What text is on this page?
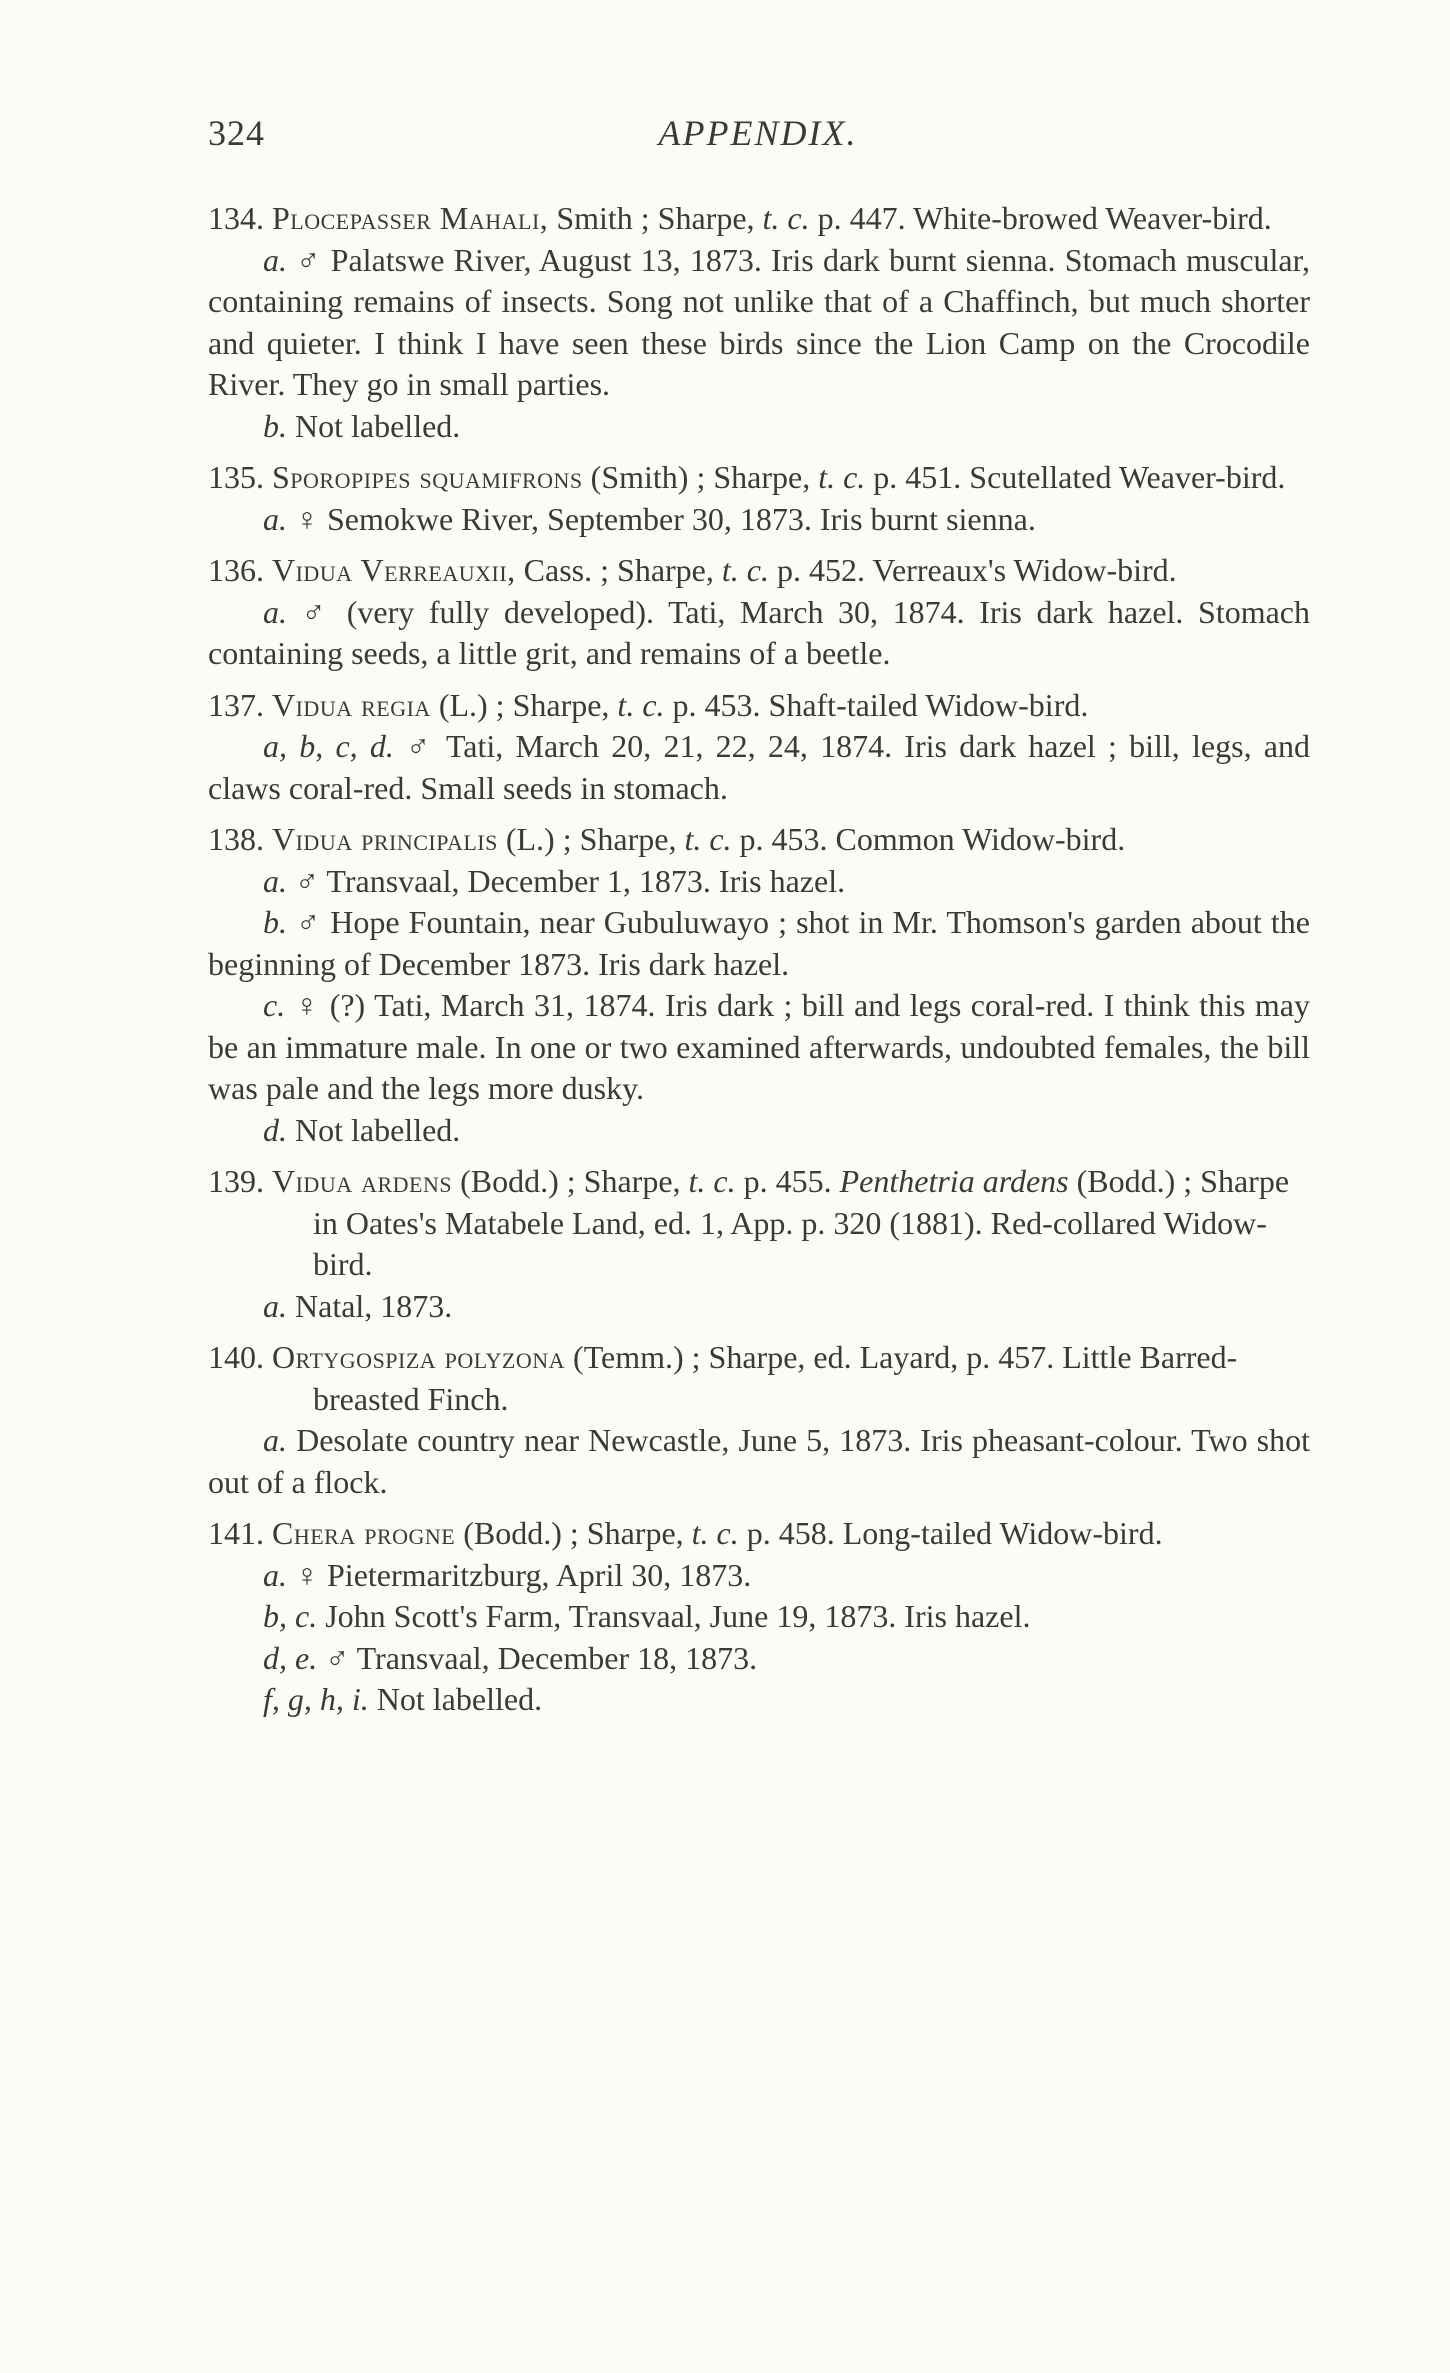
324	APPENDIX.
134. Plocepasser Mahali, Smith ; Sharpe, t. c. p. 447. White-browed Weaver-bird.
a. ♂ Palatswe River, August 13, 1873. Iris dark burnt sienna. Stomach muscular, containing remains of insects. Song not unlike that of a Chaffinch, but much shorter and quieter. I think I have seen these birds since the Lion Camp on the Crocodile River. They go in small parties.
b. Not labelled.
135. Sporopipes squamifrons (Smith) ; Sharpe, t. c. p. 451. Scutellated Weaver-bird.
a. ♀ Semokwe River, September 30, 1873. Iris burnt sienna.
136. Vidua Verreauxii, Cass. ; Sharpe, t. c. p. 452. Verreaux's Widow-bird.
a. ♂ (very fully developed). Tati, March 30, 1874. Iris dark hazel. Stomach containing seeds, a little grit, and remains of a beetle.
137. Vidua regia (L.) ; Sharpe, t. c. p. 453. Shaft-tailed Widow-bird.
a, b, c, d. ♂ Tati, March 20, 21, 22, 24, 1874. Iris dark hazel ; bill, legs, and claws coral-red. Small seeds in stomach.
138. Vidua principalis (L.) ; Sharpe, t. c. p. 453. Common Widow-bird.
a. ♂ Transvaal, December 1, 1873. Iris hazel.
b. ♂ Hope Fountain, near Gubuluwayo ; shot in Mr. Thomson's garden about the beginning of December 1873. Iris dark hazel.
c. ♀ (?) Tati, March 31, 1874. Iris dark ; bill and legs coral-red. I think this may be an immature male. In one or two examined afterwards, undoubted females, the bill was pale and the legs more dusky.
d. Not labelled.
139. Vidua ardens (Bodd.) ; Sharpe, t. c. p. 455. Penthetria ardens (Bodd.) ; Sharpe in Oates's Matabele Land, ed. 1, App. p. 320 (1881). Red-collared Widow-bird.
a. Natal, 1873.
140. Ortygospiza polyzona (Temm.) ; Sharpe, ed. Layard, p. 457. Little Barred-breasted Finch.
a. Desolate country near Newcastle, June 5, 1873. Iris pheasant-colour. Two shot out of a flock.
141. Chera progne (Bodd.) ; Sharpe, t. c. p. 458. Long-tailed Widow-bird.
a. ♀ Pietermaritzburg, April 30, 1873.
b, c. John Scott's Farm, Transvaal, June 19, 1873. Iris hazel.
d, e. ♂ Transvaal, December 18, 1873.
f, g, h, i. Not labelled.
